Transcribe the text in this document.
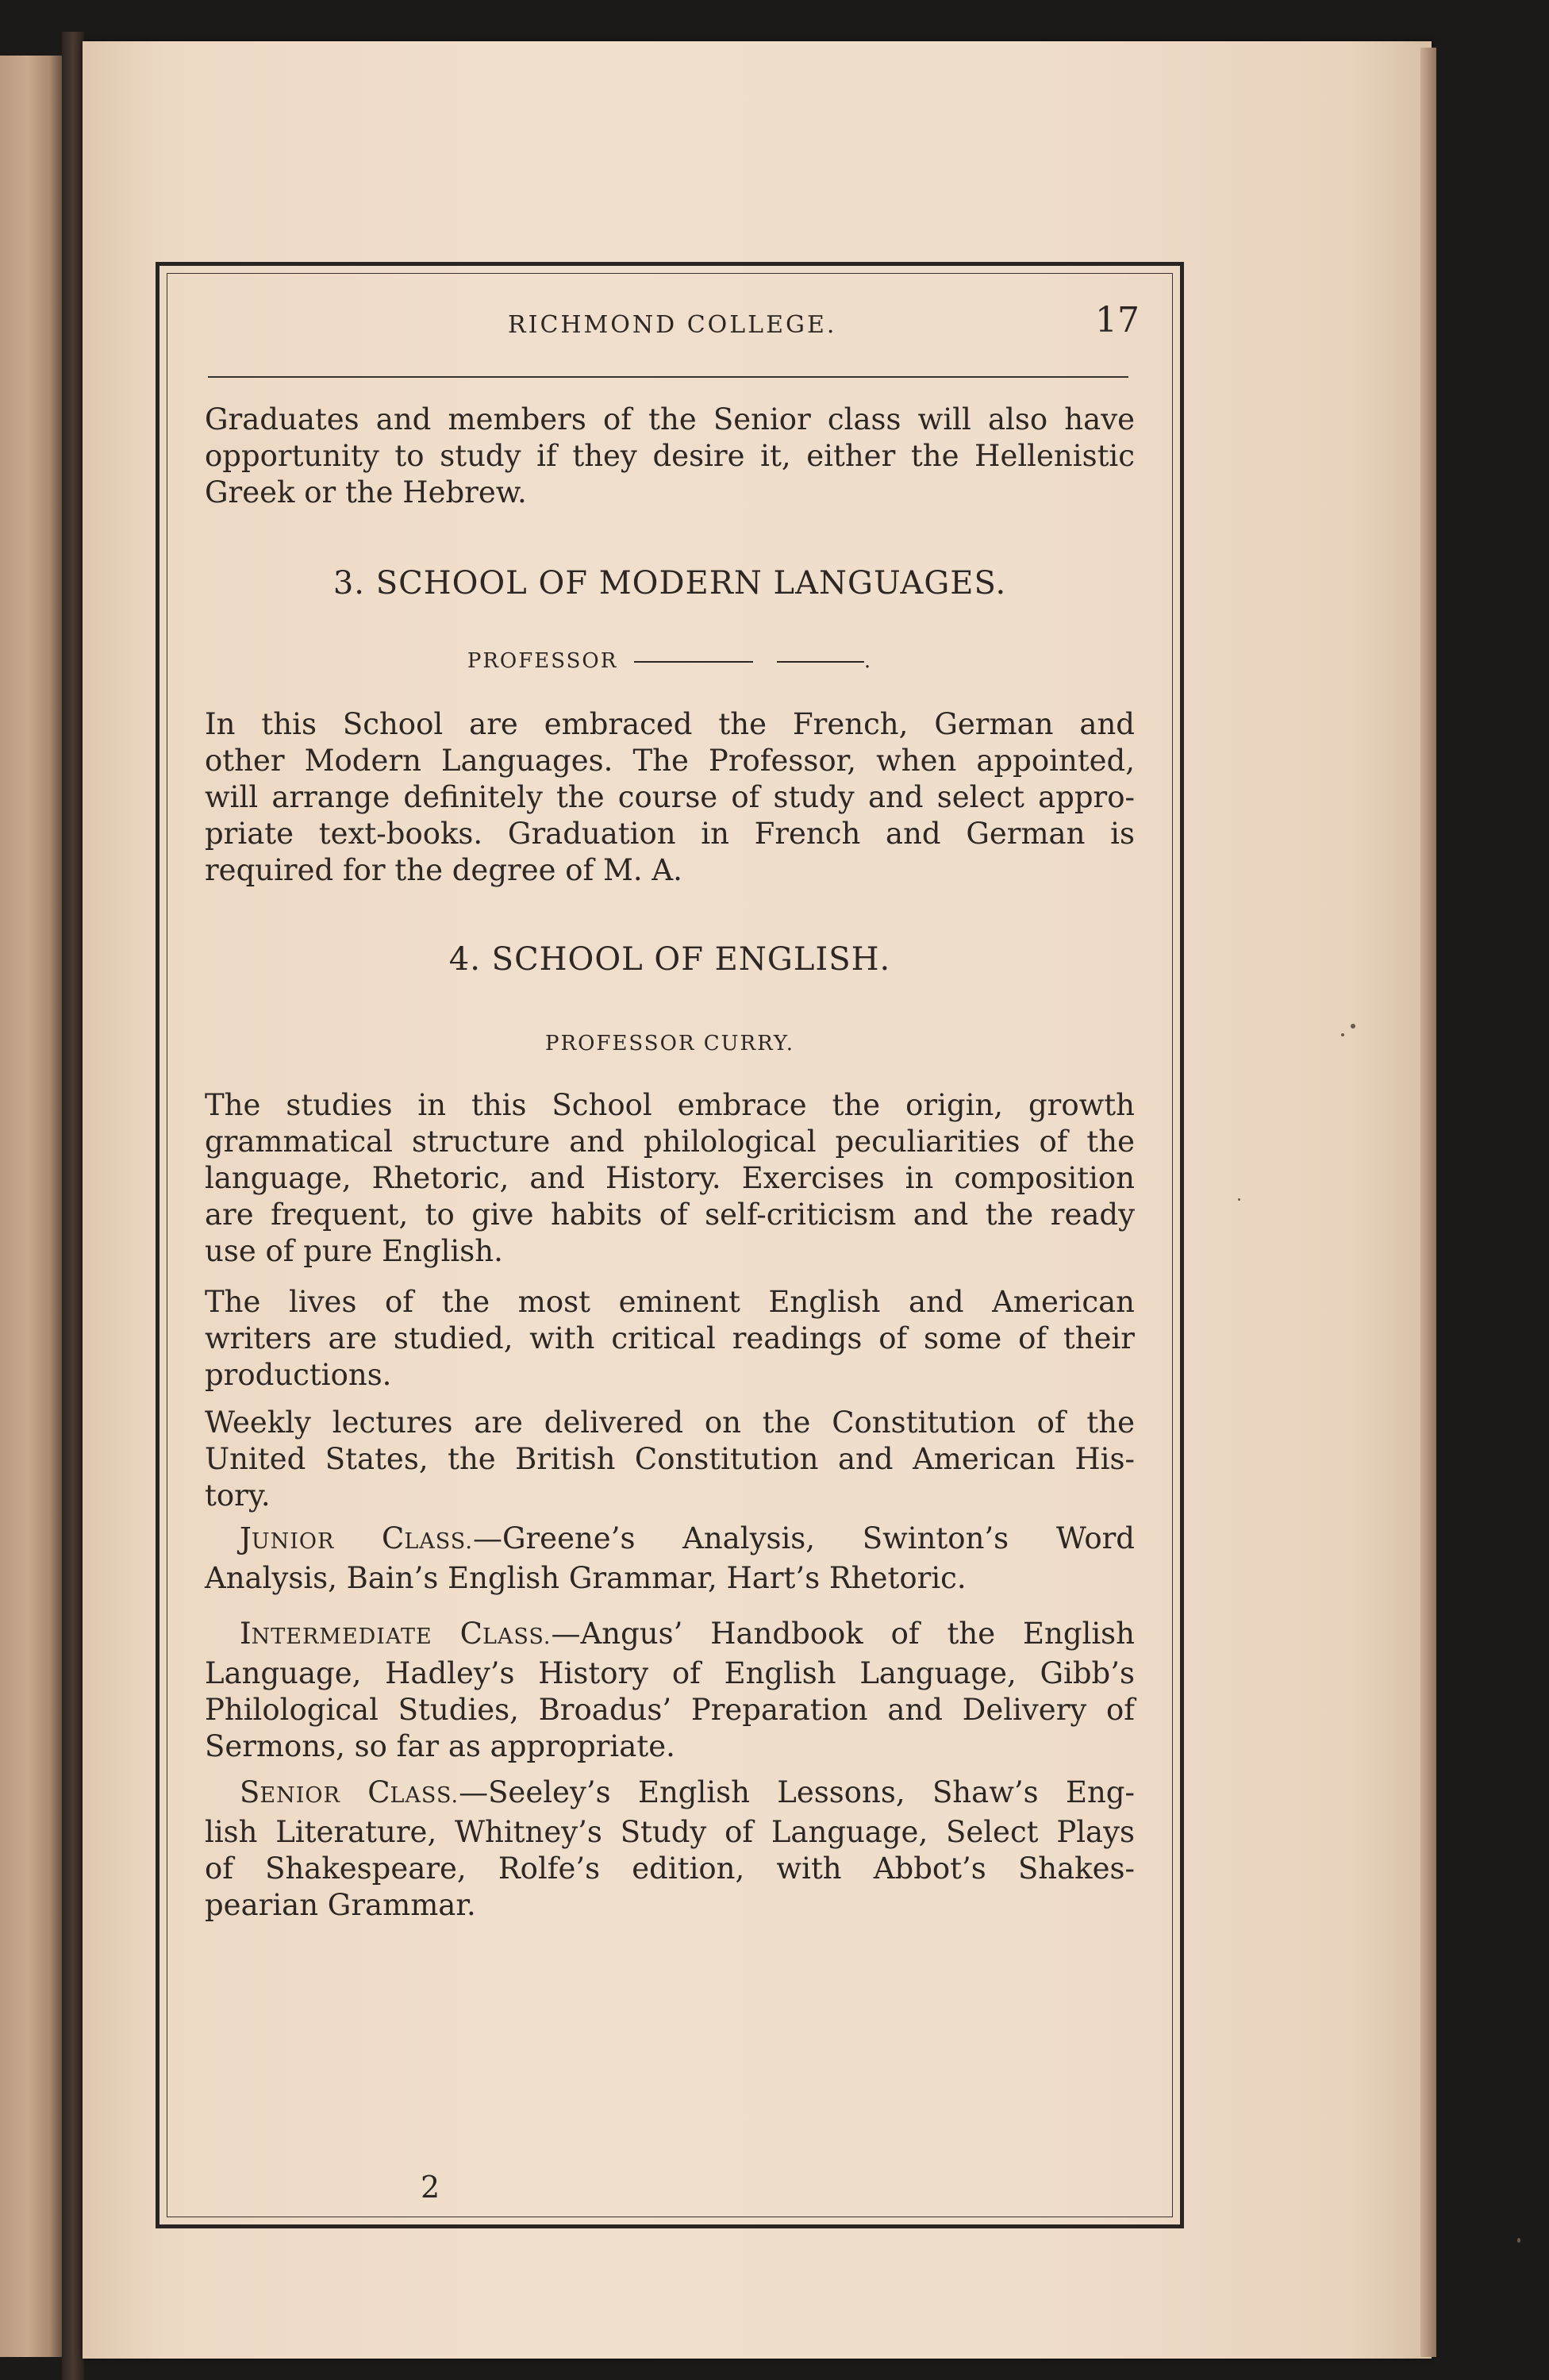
RICHMOND COLLEGE.	17
Graduates and members of the Senior class will also have
opportunity to study if they desire it, either the Hellenistic
Greek or the Hebrew.
3. SCHOOL OF MODERN LANGUAGES.
PROFESSOR	.
In this School are embraced the French, German and
other Modern Languages. The Professor, when appointed,
will arrange definitely the course of study and select appro-
priate text-books. Graduation in French and German is
required for the degree of M. A.
4. SCHOOL OF ENGLISH.
PROFESSOR CURRY.
The studies in this School embrace the origin, growth
grammatical structure and philological peculiarities of the
language, Rhetoric, and History. Exercises in composition
are frequent, to give habits of self-criticism and the ready
use of pure English.
The lives of the most eminent English and American
writers are studied, with critical readings of some of their
productions.
Weekly lectures are delivered on the Constitution of the
United States, the British Constitution and American His-
tory.
JUNIOR CLASS.—Greene’s Analysis, Swinton’s Word
Analysis, Bain’s English Grammar, Hart’s Rhetoric.
INTERMEDIATE CLASS.—Angus’ Handbook of the English
Language, Hadley’s History of English Language, Gibb’s
Philological Studies, Broadus’ Preparation and Delivery of
Sermons, so far as appropriate.
SENIOR CLASS.—Seeley’s English Lessons, Shaw’s Eng-
lish Literature, Whitney’s Study of Language, Select Plays
of Shakespeare, Rolfe’s edition, with Abbot’s Shakes-
pearian Grammar.
2
